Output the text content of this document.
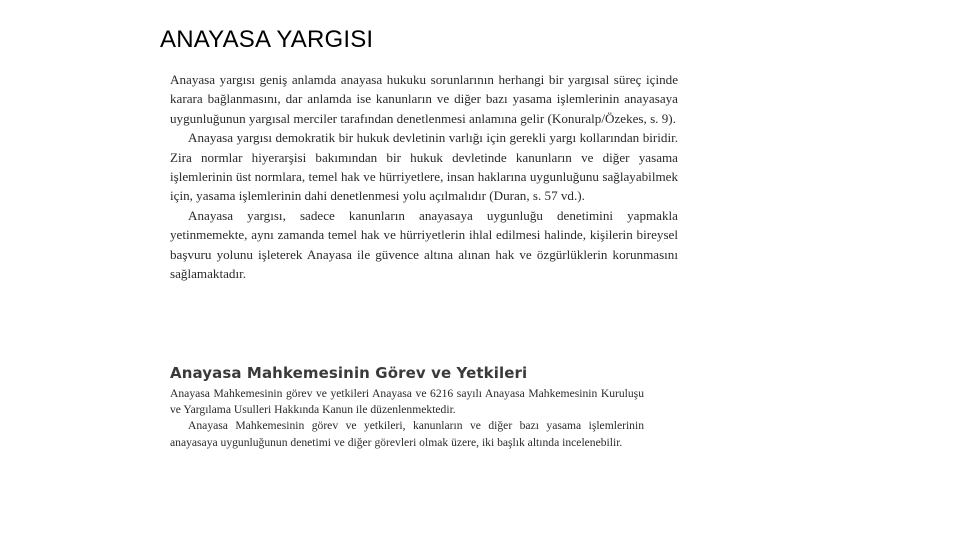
ANAYASA YARGISI

Anayasa yargısı geniş anlamda anayasa hukuku sorunlarının herhangi bir yargısal süreç içinde karara bağlanmasını, dar anlamda ise kanunların ve diğer bazı yasama işlemlerinin anayasaya uygunluğunun yargısal merciler tarafından denetlenmesi anlamına gelir (Konuralp/Özekes, s. 9).

Anayasa yargısı demokratik bir hukuk devletinin varlığı için gerekli yargı kollarından biridir. Zira normlar hiyerarşisi bakımından bir hukuk devletinde kanunların ve diğer yasama işlemlerinin üst normlara, temel hak ve hürriyetlere, insan haklarına uygunluğunu sağlayabilmek için, yasama işlemlerinin dahi denetlenmesi yolu açılmalıdır (Duran, s. 57 vd.).

Anayasa yargısı, sadece kanunların anayasaya uygunluğu denetimini yapmakla yetinmemekte, aynı zamanda temel hak ve hürriyetlerin ihlal edilmesi halinde, kişilerin bireysel başvuru yolunu işleterek Anayasa ile güvence altına alınan hak ve özgürlüklerin korunmasını sağlamaktadır.

Anayasa Mahkemesinin Görev ve Yetkileri

Anayasa Mahkemesinin görev ve yetkileri Anayasa ve 6216 sayılı Anayasa Mahkemesinin Kuruluşu ve Yargılama Usulleri Hakkında Kanun ile düzenlenmektedir.

Anayasa Mahkemesinin görev ve yetkileri, kanunların ve diğer bazı yasama işlemlerinin anayasaya uygunluğunun denetimi ve diğer görevleri olmak üzere, iki başlık altında incelenebilir.
